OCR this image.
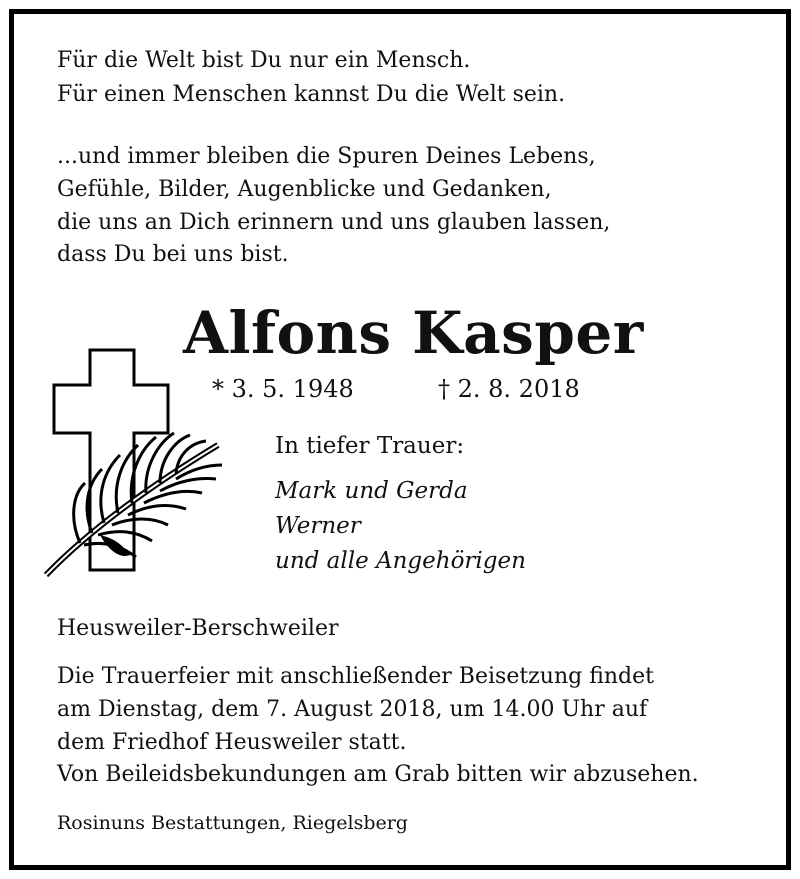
Für die Welt bist Du nur ein Mensch.
Für einen Menschen kannst Du die Welt sein.
...und immer bleiben die Spuren Deines Lebens,
Gefühle, Bilder, Augenblicke und Gedanken,
die uns an Dich erinnern und uns glauben lassen,
dass Du bei uns bist.
Alfons Kasper
* 3. 5. 1948	† 2. 8. 2018
In tiefer Trauer:
Mark und Gerda
Werner
und alle Angehörigen
Heusweiler-Berschweiler
Die Trauerfeier mit anschließender Beisetzung findet
am Dienstag, dem 7. August 2018, um 14.00 Uhr auf
dem Friedhof Heusweiler statt.
Von Beileidsbekundungen am Grab bitten wir abzusehen.
Rosinuns Bestattungen, Riegelsberg
